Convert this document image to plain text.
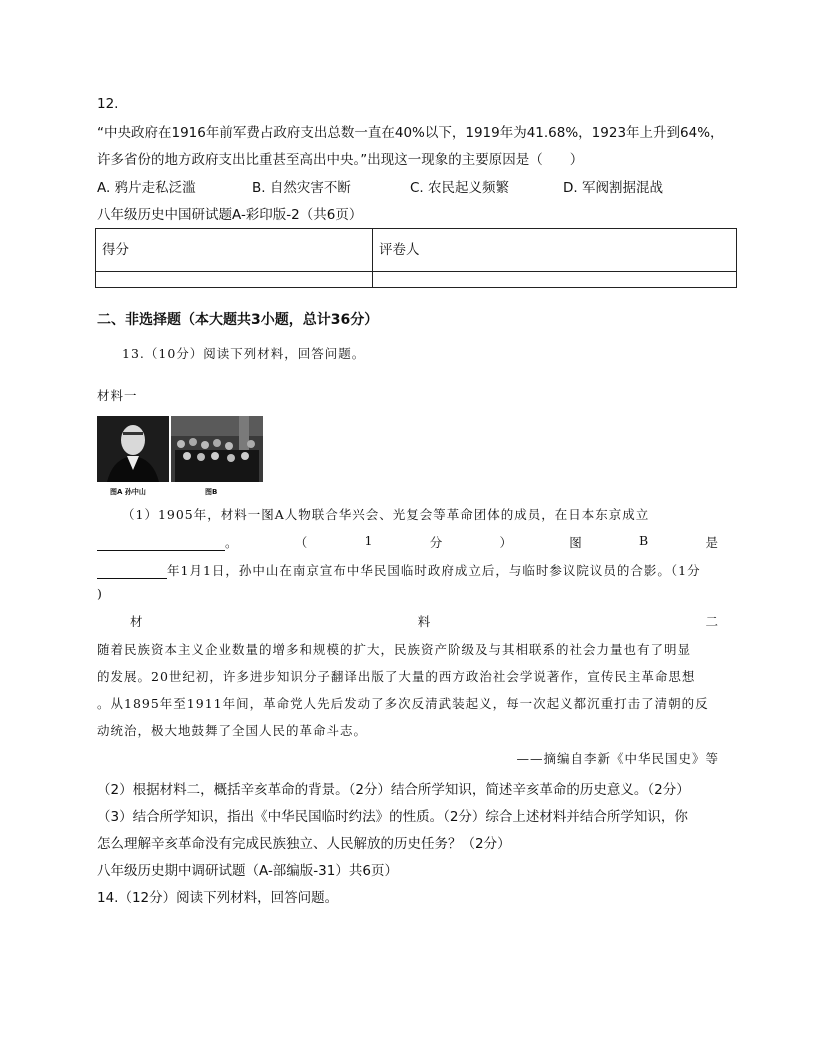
12.
“中央政府在1916年前军费占政府支出总数一直在40%以下，1919年为41.68%，1923年上升到64%，
许多省份的地方政府支出比重甚至高出中央。”出现这一现象的主要原因是（　　）
A. 鸦片走私泛滥	B. 自然灾害不断	C. 农民起义频繁	D. 军阀割据混战
八年级历史中国研试题A-彩印版-2（共6页）
得分	评卷人

二、非选择题（本大题共3小题，总计36分）
13.（10分）阅读下列材料，回答问题。
材料一
图A 孙中山	图B
（1）1905年，材料一图A人物联合华兴会、光复会等革命团体的成员，在日本东京成立
。	（	1	分	）	图	B	是
年1月1日，孙中山在南京宣布中华民国临时政府成立后，与临时参议院议员的合影。（1分
)
材	料	二
随着民族资本主义企业数量的增多和规模的扩大，民族资产阶级及与其相联系的社会力量也有了明显
的发展。20世纪初，许多进步知识分子翻译出版了大量的西方政治社会学说著作，宣传民主革命思想
。从1895年至1911年间，革命党人先后发动了多次反清武装起义，每一次起义都沉重打击了清朝的反
动统治，极大地鼓舞了全国人民的革命斗志。
——摘编自李新《中华民国史》等
（2）根据材料二，概括辛亥革命的背景。（2分）结合所学知识，简述辛亥革命的历史意义。（2分）
（3）结合所学知识，指出《中华民国临时约法》的性质。（2分）综合上述材料并结合所学知识，你
怎么理解辛亥革命没有完成民族独立、人民解放的历史任务？（2分）
八年级历史期中调研试题（A-部编版-31）共6页）
14.（12分）阅读下列材料，回答问题。
